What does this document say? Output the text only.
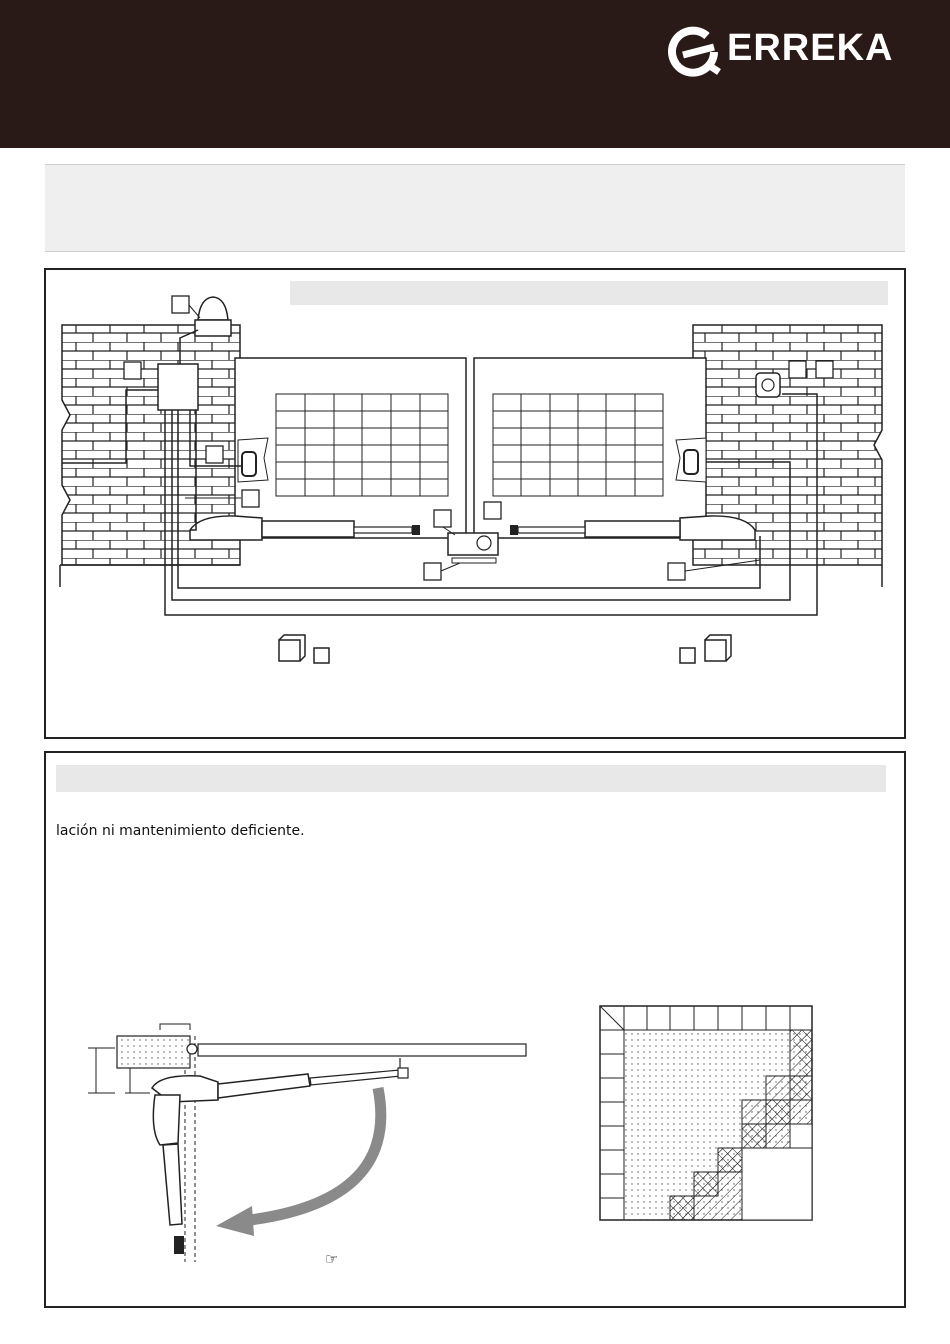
ERREKA
lación ni mantenimiento deficiente.
☞
